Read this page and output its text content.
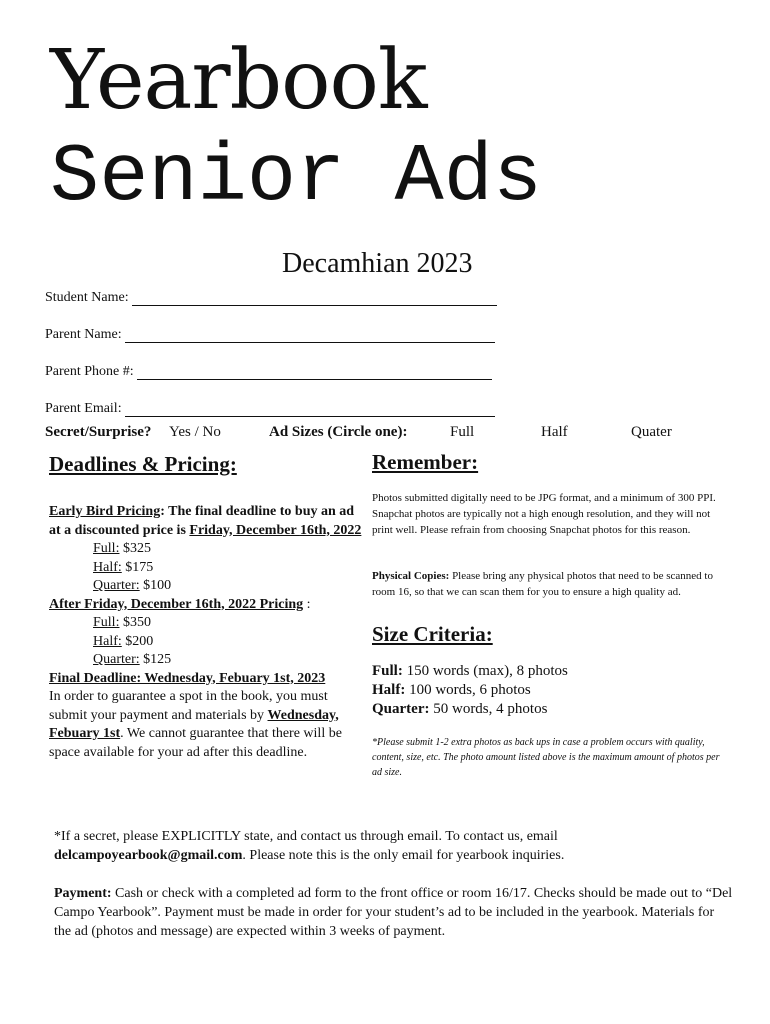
Yearbook
Senior Ads
Decamhian 2023
Student Name:
Parent Name:
Parent Phone #:
Parent Email:
Secret/Surprise? Yes / No	Ad Sizes (Circle one):	Full	Half	Quater
Deadlines & Pricing:
Early Bird Pricing: The final deadline to buy an ad at a discounted price is Friday, December 16th, 2022
Full: $325
Half: $175
Quarter: $100
After Friday, December 16th, 2022 Pricing :
Full: $350
Half: $200
Quarter: $125
Final Deadline: Wednesday, Febuary 1st, 2023
In order to guarantee a spot in the book, you must submit your payment and materials by Wednesday, Febuary 1st. We cannot guarantee that there will be space available for your ad after this deadline.
Remember:
Photos submitted digitally need to be JPG format, and a minimum of 300 PPI. Snapchat photos are typically not a high enough resolution, and they will not print well. Please refrain from choosing Snapchat photos for this reason.
Physical Copies: Please bring any physical photos that need to be scanned to room 16, so that we can scan them for you to ensure a high quality ad.
Size Criteria:
Full: 150 words (max), 8 photos
Half: 100 words, 6 photos
Quarter: 50 words, 4 photos
*Please submit 1-2 extra photos as back ups in case a problem occurs with quality, content, size, etc. The photo amount listed above is the maximum amount of photos per ad size.
*If a secret, please EXPLICITLY state, and contact us through email. To contact us, email delcampoyearbook@gmail.com. Please note this is the only email for yearbook inquiries.
Payment: Cash or check with a completed ad form to the front office or room 16/17. Checks should be made out to “Del Campo Yearbook”. Payment must be made in order for your student’s ad to be included in the yearbook. Materials for the ad (photos and message) are expected within 3 weeks of payment.
